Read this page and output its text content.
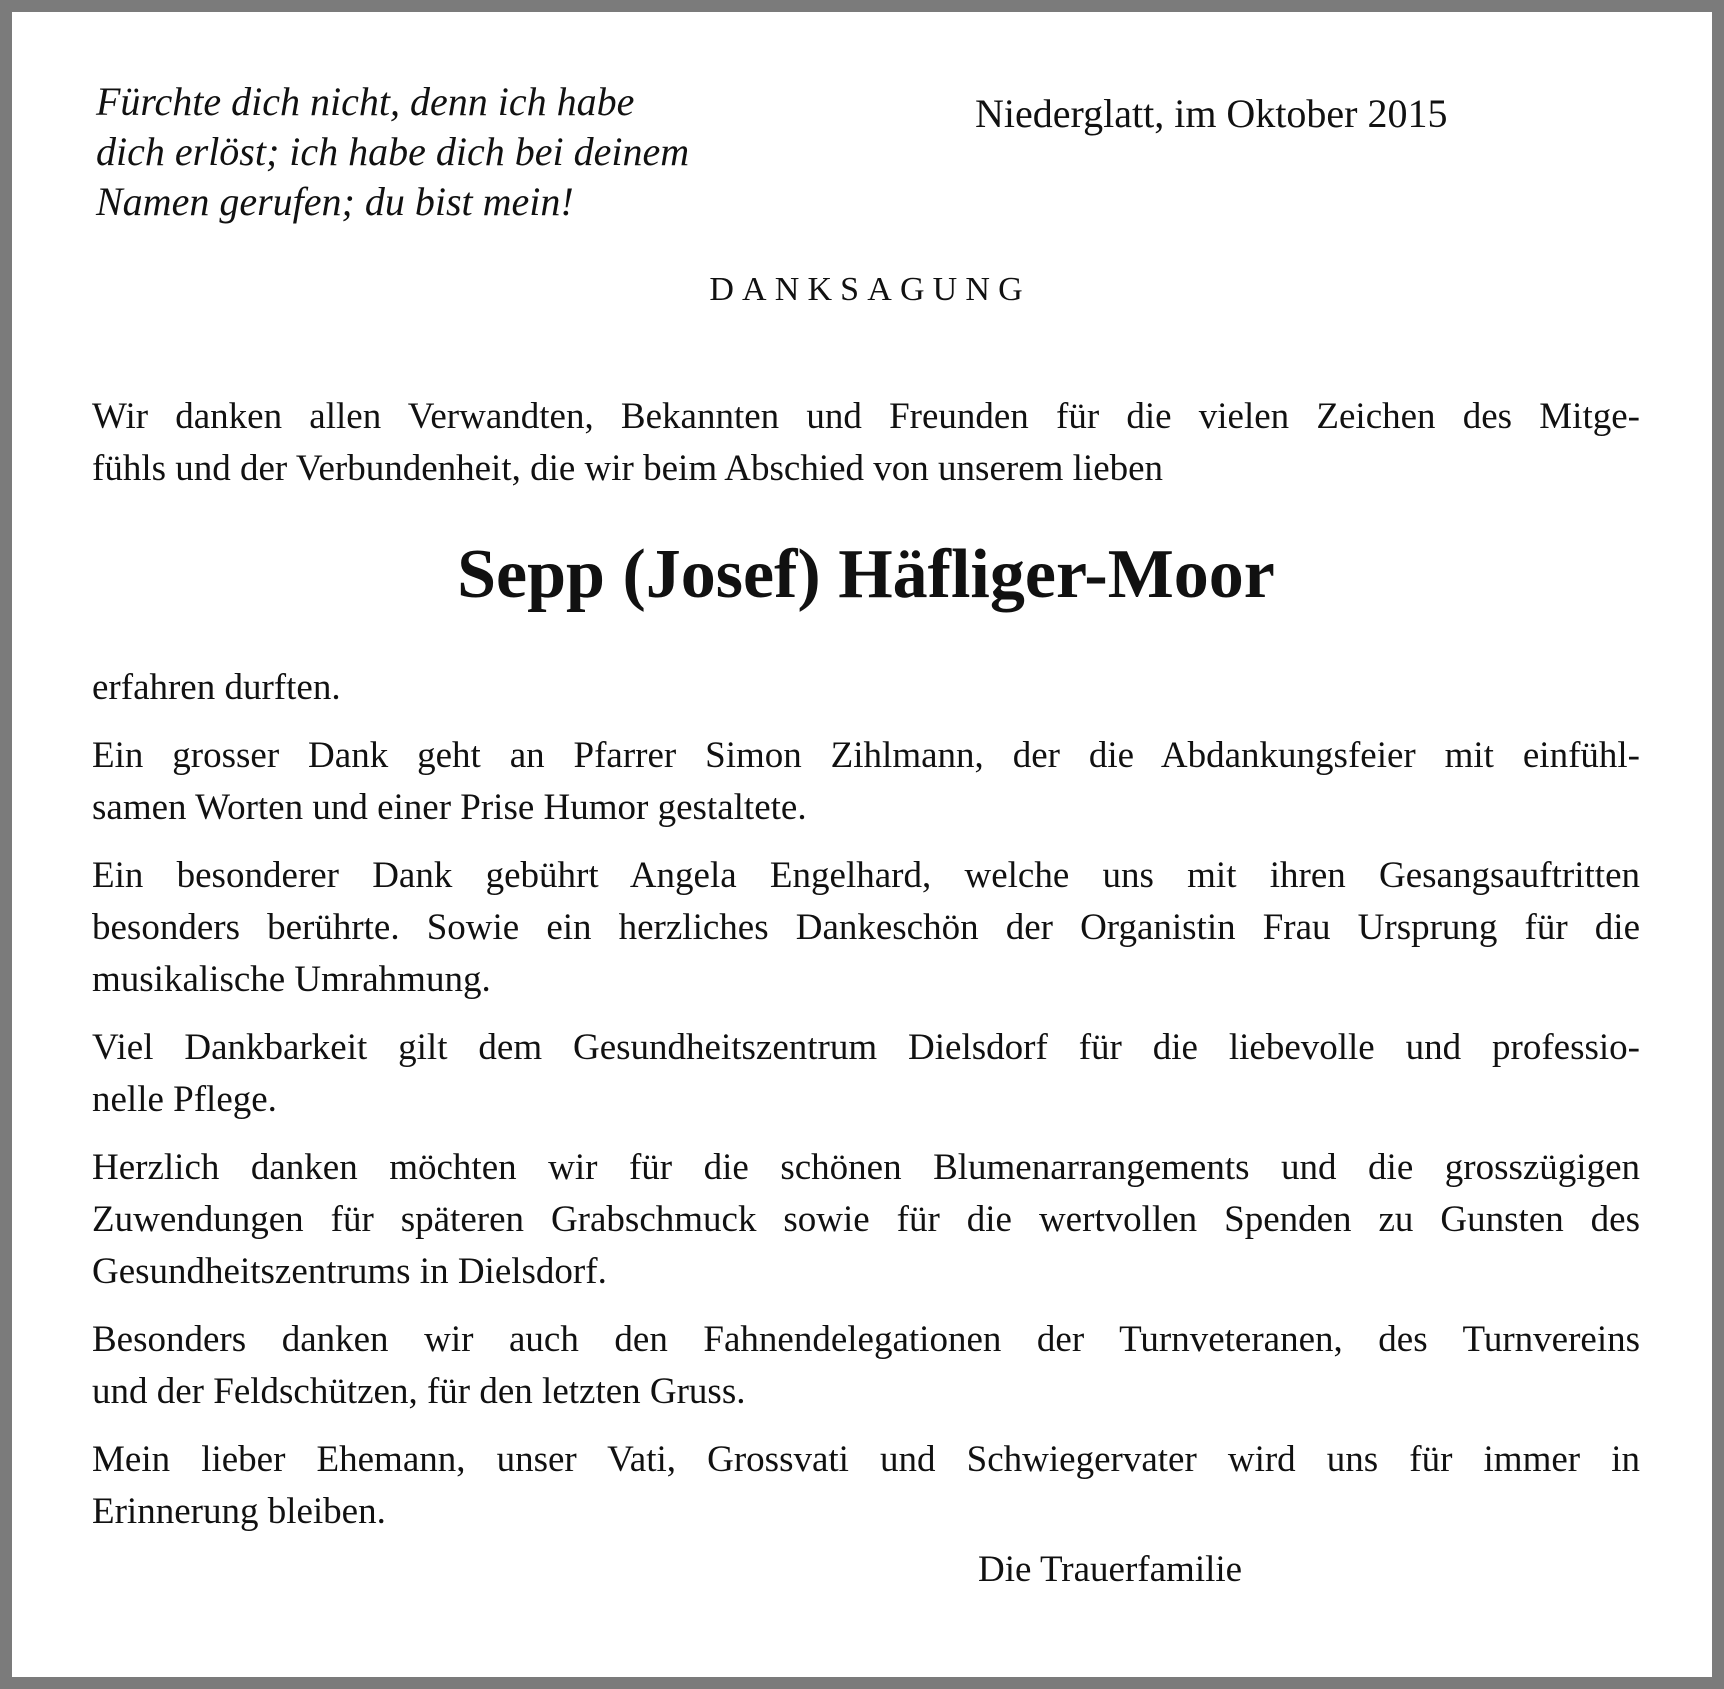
Fürchte dich nicht, denn ich habe
dich erlöst; ich habe dich bei deinem
Namen gerufen; du bist mein!
Niederglatt, im Oktober 2015
DANKSAGUNG
Wir danken allen Verwandten, Bekannten und Freunden für die vielen Zeichen des Mitge-
fühls und der Verbundenheit, die wir beim Abschied von unserem lieben
Sepp (Josef) Häfliger-Moor
erfahren durften.
Ein grosser Dank geht an Pfarrer Simon Zihlmann, der die Abdankungsfeier mit einfühl-
samen Worten und einer Prise Humor gestaltete.
Ein besonderer Dank gebührt Angela Engelhard, welche uns mit ihren Gesangsauftritten
besonders berührte. Sowie ein herzliches Dankeschön der Organistin Frau Ursprung für die
musikalische Umrahmung.
Viel Dankbarkeit gilt dem Gesundheitszentrum Dielsdorf für die liebevolle und professio-
nelle Pflege.
Herzlich danken möchten wir für die schönen Blumenarrangements und die grosszügigen
Zuwendungen für späteren Grabschmuck sowie für die wertvollen Spenden zu Gunsten des
Gesundheitszentrums in Dielsdorf.
Besonders danken wir auch den Fahnendelegationen der Turnveteranen, des Turnvereins
und der Feldschützen, für den letzten Gruss.
Mein lieber Ehemann, unser Vati, Grossvati und Schwiegervater wird uns für immer in
Erinnerung bleiben.
Die Trauerfamilie
